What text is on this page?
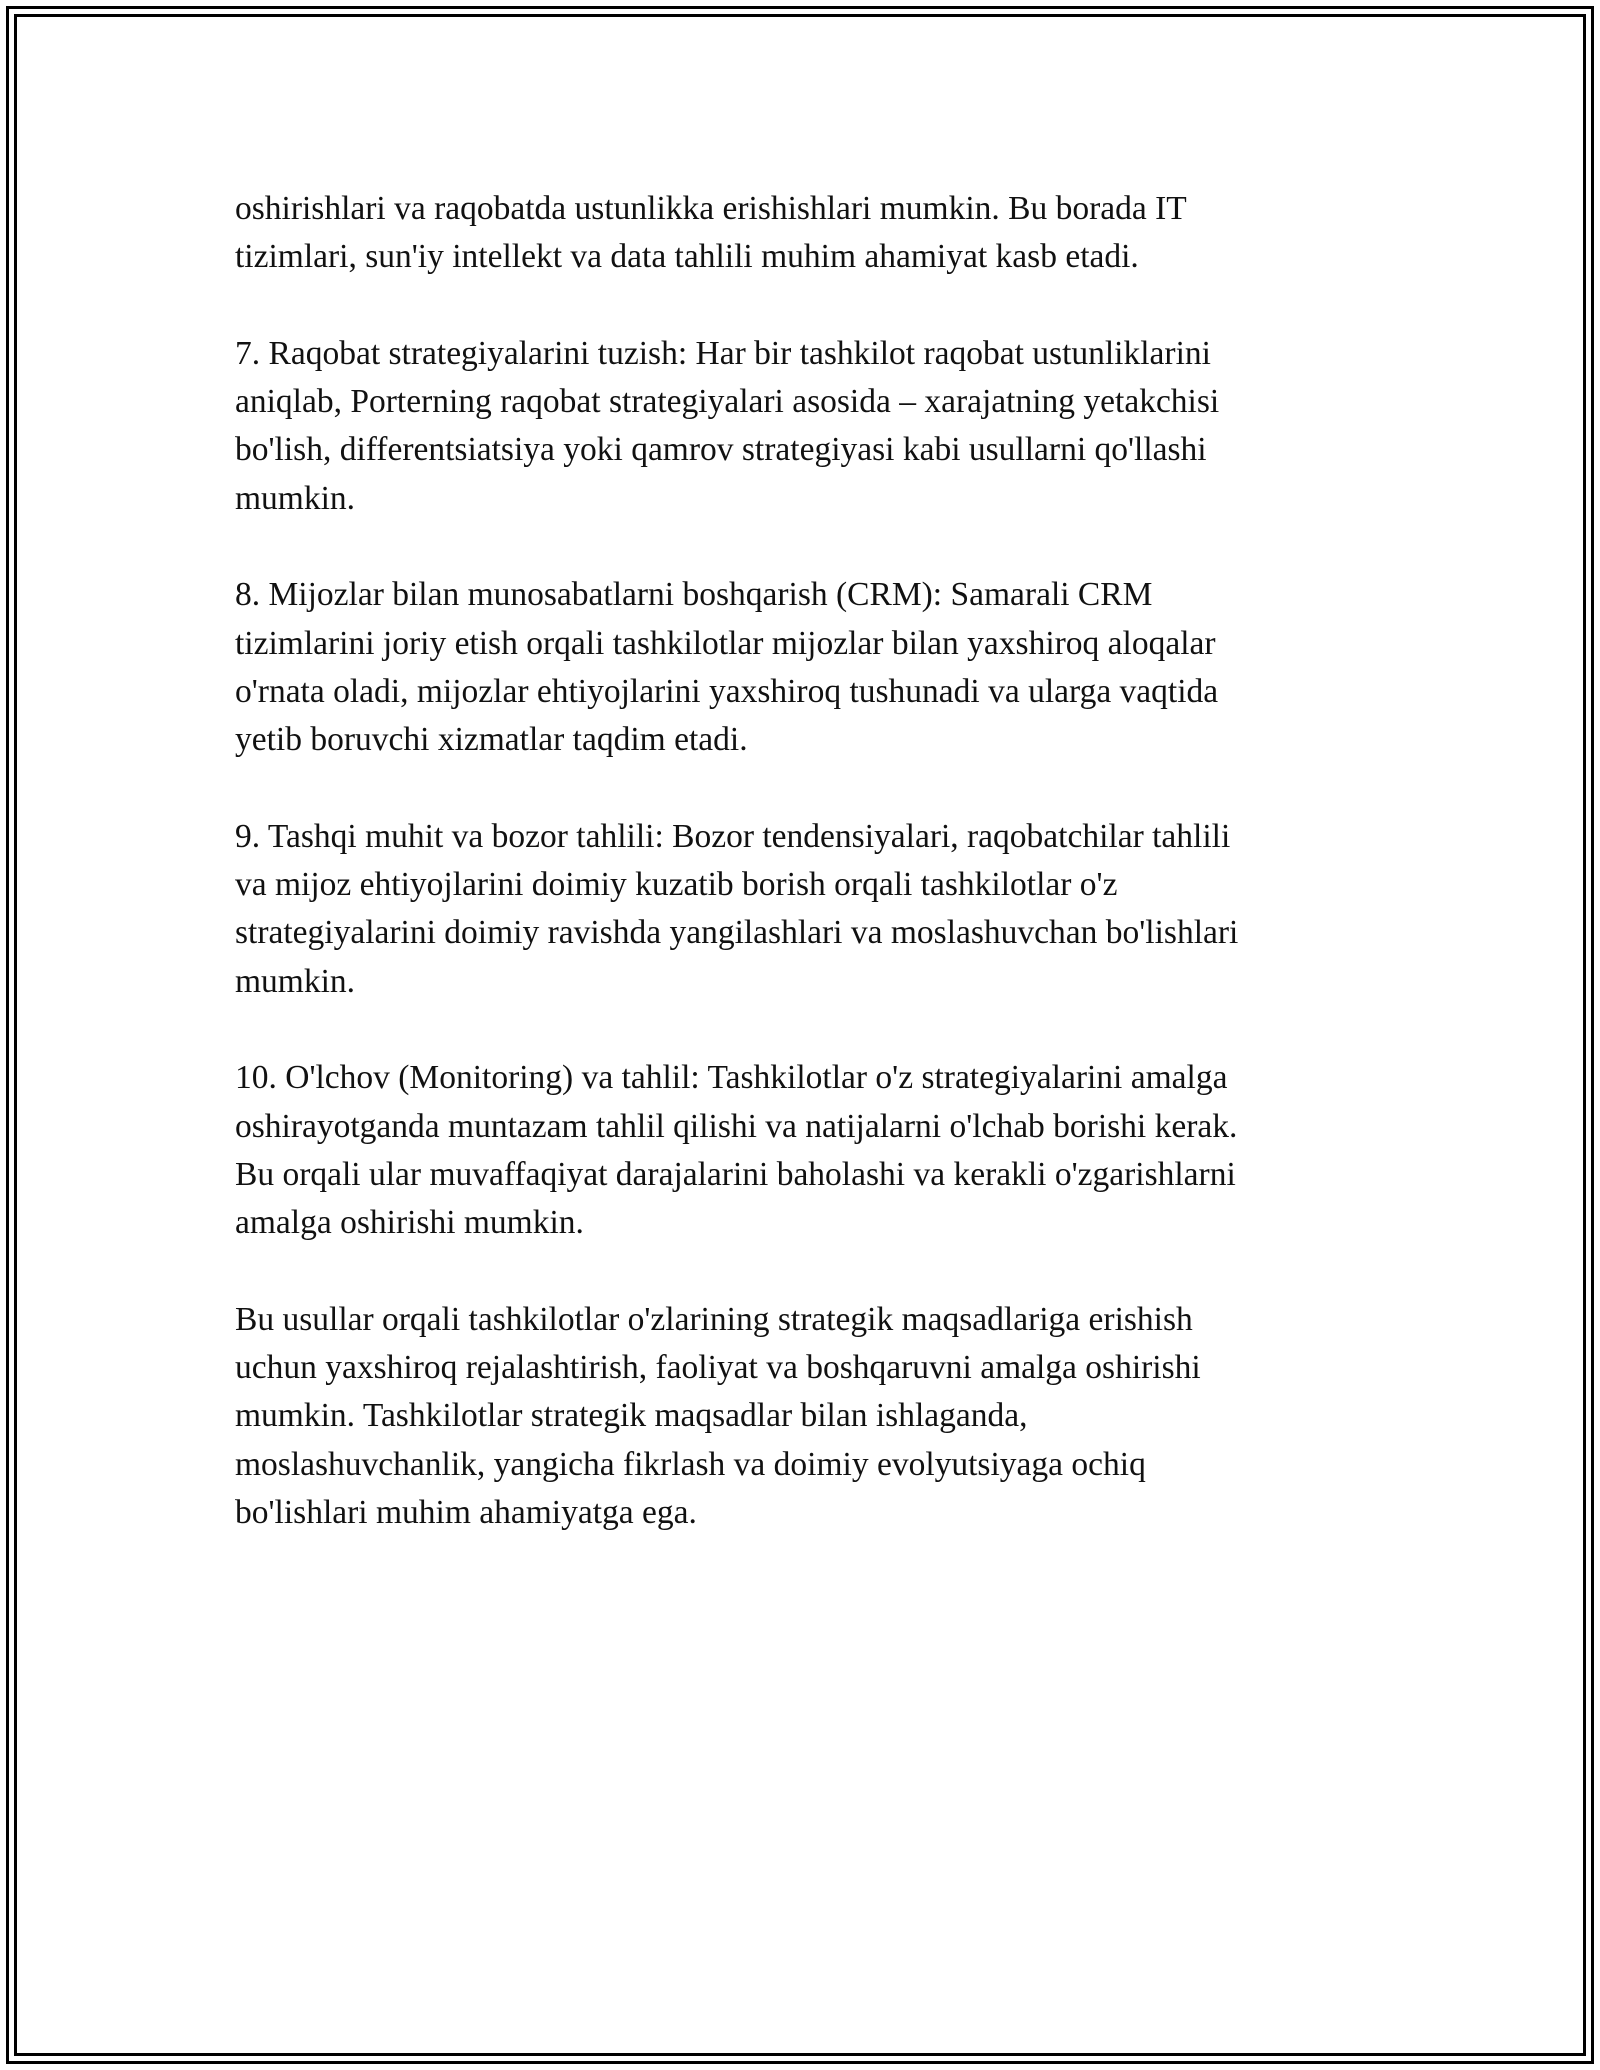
oshirishlari va raqobatda ustunlikka erishishlari mumkin. Bu borada IT
tizimlari, sun'iy intellekt va data tahlili muhim ahamiyat kasb etadi.

7. Raqobat strategiyalarini tuzish: Har bir tashkilot raqobat ustunliklarini
aniqlab, Porterning raqobat strategiyalari asosida – xarajatning yetakchisi
bo'lish, differentsiatsiya yoki qamrov strategiyasi kabi usullarni qo'llashi
mumkin.

8. Mijozlar bilan munosabatlarni boshqarish (CRM): Samarali CRM
tizimlarini joriy etish orqali tashkilotlar mijozlar bilan yaxshiroq aloqalar
o'rnata oladi, mijozlar ehtiyojlarini yaxshiroq tushunadi va ularga vaqtida
yetib boruvchi xizmatlar taqdim etadi.

9. Tashqi muhit va bozor tahlili: Bozor tendensiyalari, raqobatchilar tahlili
va mijoz ehtiyojlarini doimiy kuzatib borish orqali tashkilotlar o'z
strategiyalarini doimiy ravishda yangilashlari va moslashuvchan bo'lishlari
mumkin.

10. O'lchov (Monitoring) va tahlil: Tashkilotlar o'z strategiyalarini amalga
oshirayotganda muntazam tahlil qilishi va natijalarni o'lchab borishi kerak.
Bu orqali ular muvaffaqiyat darajalarini baholashi va kerakli o'zgarishlarni
amalga oshirishi mumkin.

Bu usullar orqali tashkilotlar o'zlarining strategik maqsadlariga erishish
uchun yaxshiroq rejalashtirish, faoliyat va boshqaruvni amalga oshirishi
mumkin. Tashkilotlar strategik maqsadlar bilan ishlaganda,
moslashuvchanlik, yangicha fikrlash va doimiy evolyutsiyaga ochiq
bo'lishlari muhim ahamiyatga ega.
